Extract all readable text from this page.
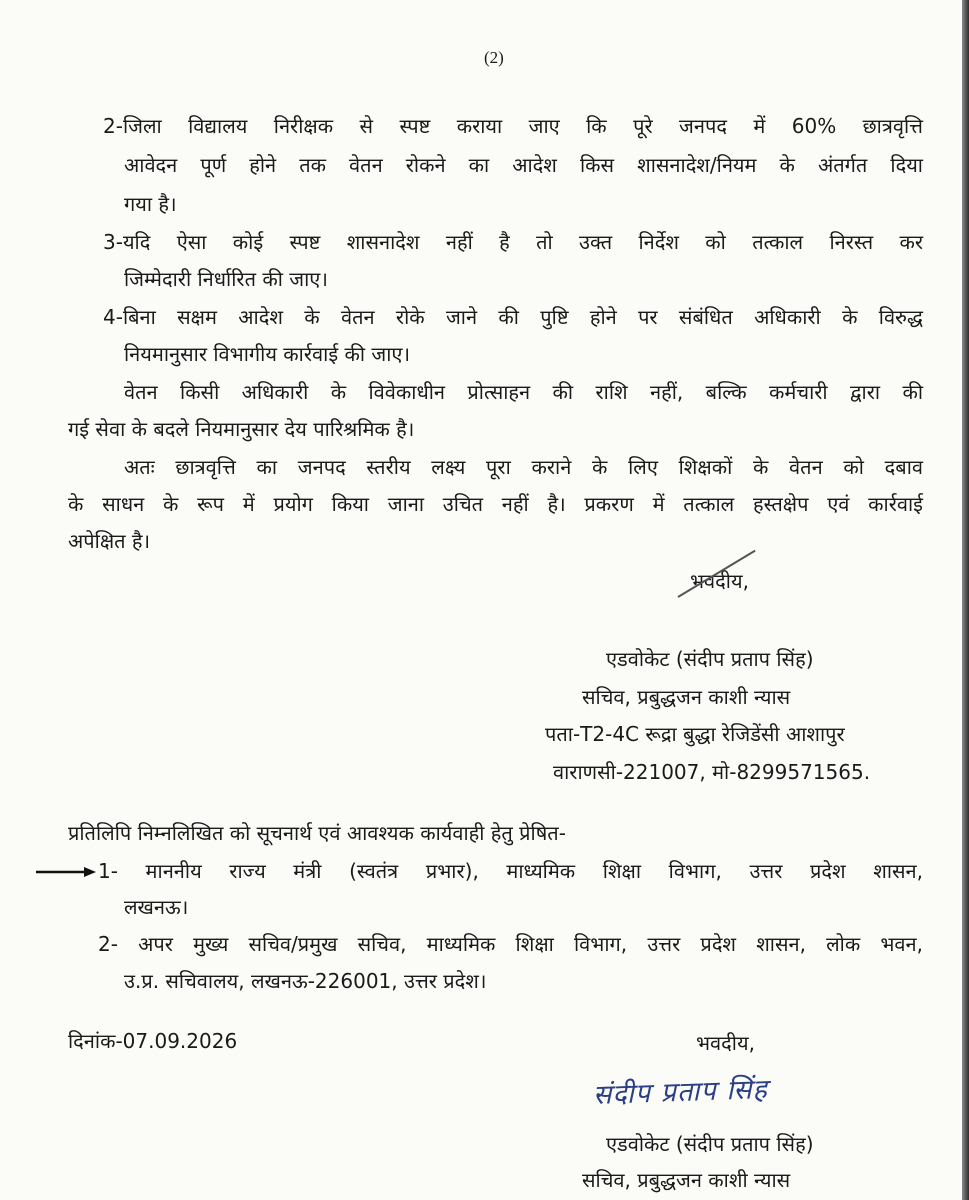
(2)
2-जिला विद्यालय निरीक्षक से स्पष्ट कराया जाए कि पूरे जनपद में 60% छात्रवृत्ति
आवेदन पूर्ण होने तक वेतन रोकने का आदेश किस शासनादेश/नियम के अंतर्गत दिया
गया है।
3-यदि ऐसा कोई स्पष्ट शासनादेश नहीं है तो उक्त निर्देश को तत्काल निरस्त कर
जिम्मेदारी निर्धारित की जाए।
4-बिना सक्षम आदेश के वेतन रोके जाने की पुष्टि होने पर संबंधित अधिकारी के विरुद्ध
नियमानुसार विभागीय कार्रवाई की जाए।
वेतन किसी अधिकारी के विवेकाधीन प्रोत्साहन की राशि नहीं, बल्कि कर्मचारी द्वारा की
गई सेवा के बदले नियमानुसार देय पारिश्रमिक है।
अतः छात्रवृत्ति का जनपद स्तरीय लक्ष्य पूरा कराने के लिए शिक्षकों के वेतन को दबाव
के साधन के रूप में प्रयोग किया जाना उचित नहीं है। प्रकरण में तत्काल हस्तक्षेप एवं कार्रवाई
अपेक्षित है।
भवदीय,
एडवोकेट (संदीप प्रताप सिंह)
सचिव, प्रबुद्धजन काशी न्यास
पता-T2-4C रूद्रा बुद्धा रेजिडेंसी आशापुर
वाराणसी-221007, मो-8299571565.
प्रतिलिपि निम्नलिखित को सूचनार्थ एवं आवश्यक कार्यवाही हेतु प्रेषित-
1- माननीय राज्य मंत्री (स्वतंत्र प्रभार), माध्यमिक शिक्षा विभाग, उत्तर प्रदेश शासन,
लखनऊ।
2- अपर मुख्य सचिव/प्रमुख सचिव, माध्यमिक शिक्षा विभाग, उत्तर प्रदेश शासन, लोक भवन,
उ.प्र. सचिवालय, लखनऊ-226001, उत्तर प्रदेश।
दिनांक-07.09.2026	भवदीय,
संदीप प्रताप सिंह
एडवोकेट (संदीप प्रताप सिंह)
सचिव, प्रबुद्धजन काशी न्यास
